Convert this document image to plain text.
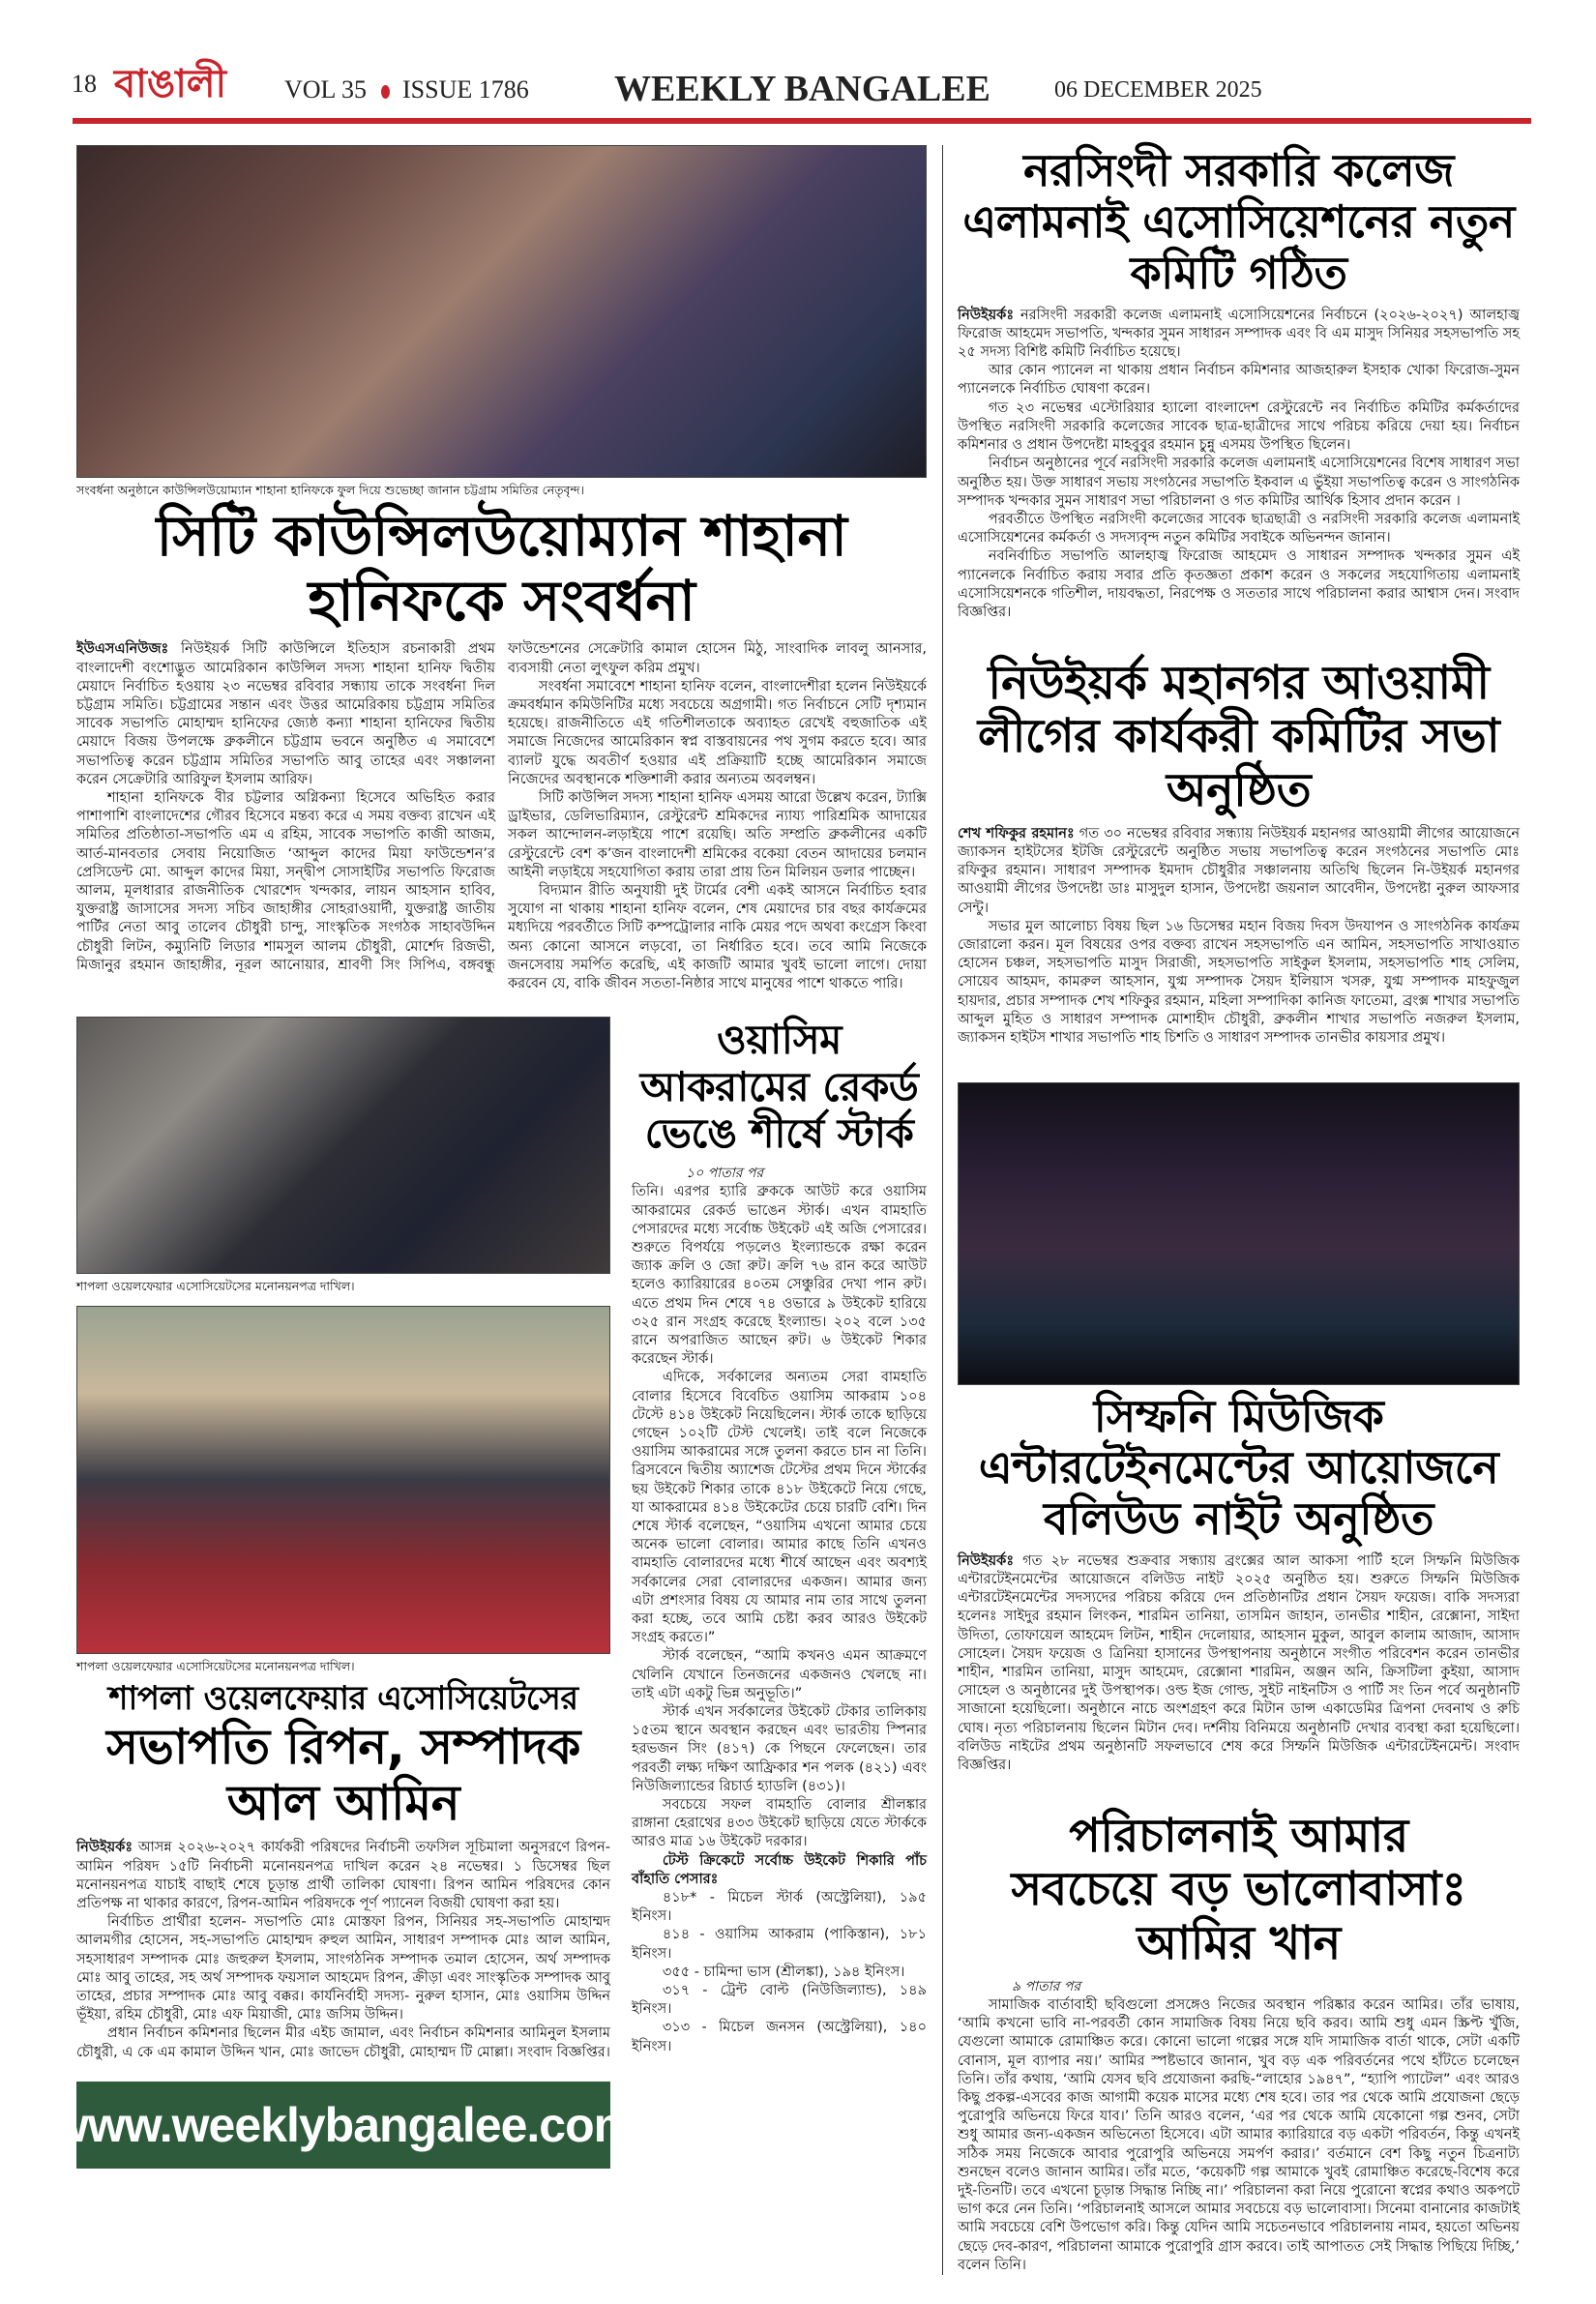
18 বাঙালী VOL 35 ISSUE 1786 WEEKLY BANGALEE	06 DECEMBER 2025
সংবর্ধনা অনুষ্ঠানে কাউন্সিলউয়োম্যান শাহানা হানিফকে ফুল দিয়ে শুভেচ্ছা জানান চট্টগ্রাম সমিতির নেতৃবৃন্দ।
সিটি কাউন্সিলউয়োম্যান শাহানা হানিফকে সংবর্ধনা

ইউএসএনিউজঃ নিউইয়র্ক সিটি কাউন্সিলে ইতিহাস রচনাকারী প্রথম বাংলাদেশী বংশোদ্ভুত আমেরিকান কাউন্সিল সদস্য শাহানা হানিফ দ্বিতীয় মেয়াদে নির্বাচিত হওয়ায় ২৩ নভেম্বর রবিবার সন্ধ্যায় তাকে সংবর্ধনা দিল চট্টগ্রাম সমিতি। চট্টগ্রামের সন্তান এবং উত্তর আমেরিকায় চট্টগ্রাম সমিতির সাবেক সভাপতি মোহাম্মদ হানিফের জ্যেষ্ঠ কন্যা শাহানা হানিফের দ্বিতীয় মেয়াদে বিজয় উপলক্ষে ব্রুকলীনে চট্টগ্রাম ভবনে অনুষ্ঠিত এ সমাবেশে সভাপতিত্ব করেন চট্টগ্রাম সমিতির সভাপতি আবু তাহের এবং সঞ্চালনা করেন সেক্রেটারি আরিফুল ইসলাম আরিফ।

শাহানা হানিফকে বীর চট্টলার অগ্নিকন্যা হিসেবে অভিহিত করার পাশাপাশি বাংলাদেশের গৌরব হিসেবে মন্তব্য করে এ সময় বক্তব্য রাখেন এই সমিতির প্রতিষ্ঠাতা-সভাপতি এম এ রহিম, সাবেক সভাপতি কাজী আজম, আর্ত-মানবতার সেবায় নিয়োজিত ‘আব্দুল কাদের মিয়া ফাউন্ডেশন’র প্রেসিডেন্ট মো. আব্দুল কাদের মিয়া, সন্দ্বীপ সোসাইটির সভাপতি ফিরোজ আলম, মূলধারার রাজনীতিক খোরশেদ খন্দকার, লায়ন আহসান হাবিব, যুক্তরাষ্ট্র জাসাসের সদস্য সচিব জাহাঙ্গীর সোহরাওয়ার্দী, যুক্তরাষ্ট্র জাতীয় পার্টির নেতা আবু তালেব চৌধুরী চান্দু, সাংস্কৃতিক সংগঠক সাহাবউদ্দিন চৌধুরী লিটন, কম্যুনিটি লিডার শামসুল আলম চৌধুরী, মোর্শেদ রিজভী, মিজানুর রহমান জাহাঙ্গীর, নূরল আনোয়ার, শ্রাবণী সিং সিপিএ, বঙ্গবন্ধু ফাউন্ডেশনের সেক্রেটারি কামাল হোসেন মিঠু, সাংবাদিক লাবলু আনসার, ব্যবসায়ী নেতা লুৎফুল করিম প্রমুখ।

সংবর্ধনা সমাবেশে শাহানা হানিফ বলেন, বাংলাদেশীরা হলেন নিউইয়র্কে ক্রমবর্ধমান কমিউনিটির মধ্যে সবচেয়ে অগ্রগামী। গত নির্বাচনে সেটি দৃশ্যমান হয়েছে। রাজনীতিতে এই গতিশীলতাকে অব্যাহত রেখেই বহুজাতিক এই সমাজে নিজেদের আমেরিকান স্বপ্ন বাস্তবায়নের পথ সুগম করতে হবে। আর ব্যালট যুদ্ধে অবতীর্ণ হওয়ার এই প্রক্রিয়াটি হচ্ছে আমেরিকান সমাজে নিজেদের অবস্থানকে শক্তিশালী করার অন্যতম অবলম্বন।

সিটি কাউন্সিল সদস্য শাহানা হানিফ এসময় আরো উল্লেখ করেন, ট্যাক্সি ড্রাইভার, ডেলিভারিম্যান, রেস্টুরেন্ট শ্রমিকদের ন্যায্য পারিশ্রমিক আদায়ের সকল আন্দোলন-লড়াইয়ে পাশে রয়েছি। অতি সম্প্রতি ব্রুকলীনের একটি রেস্টুরেন্টে বেশ ক’জন বাংলাদেশী শ্রমিকের বকেয়া বেতন আদায়ের চলমান আইনী লড়াইয়ে সহযোগিতা করায় তারা প্রায় তিন মিলিয়ন ডলার পাচ্ছেন।

বিদ্যমান রীতি অনুযায়ী দুই টার্মের বেশী একই আসনে নির্বাচিত হবার সুযোগ না থাকায় শাহানা হানিফ বলেন, শেষ মেয়াদের চার বছর কার্যক্রমের মধ্যদিয়ে পরবর্তীতে সিটি কম্পট্রোলার নাকি মেয়র পদে অথবা কংগ্রেস কিংবা অন্য কোনো আসনে লড়বো, তা নির্ধারিত হবে। তবে আমি নিজেকে জনসেবায় সমর্পিত করেছি, এই কাজটি আমার খুবই ভালো লাগে। দোয়া করবেন যে, বাকি জীবন সততা-নিষ্ঠার সাথে মানুষের পাশে থাকতে পারি।

শাপলা ওয়েলফেয়ার এসোসিয়েটসের মনোনয়নপত্র দাখিল।
শাপলা ওয়েলফেয়ার এসোসিয়েটসের মনোনয়নপত্র দাখিল।
শাপলা ওয়েলফেয়ার এসোসিয়েটসের
সভাপতি রিপন, সম্পাদক আল আমিন

নিউইয়র্কঃ আসন্ন ২০২৬-২০২৭ কার্যকরী পরিষদের নির্বাচনী তফসিল সূচিমালা অনুসরণে রিপন-আমিন পরিষদ ১৫টি নির্বাচনী মনোনয়নপত্র দাখিল করেন ২৪ নভেম্বর। ১ ডিসেম্বর ছিল মনোনয়নপত্র যাচাই বাছাই শেষে চূড়ান্ত প্রার্থী তালিকা ঘোষণা। রিপন আমিন পরিষদের কোন প্রতিপক্ষ না থাকার কারণে, রিপন-আমিন পরিষদকে পূর্ণ প্যানেল বিজয়ী ঘোষণা করা হয়।

নির্বাচিত প্রার্থীরা হলেন- সভাপতি মোঃ মোস্তফা রিপন, সিনিয়র সহ-সভাপতি মোহাম্মদ আলমগীর হোসেন, সহ-সভাপতি মোহাম্মদ রুহুল আমিন, সাধারণ সম্পাদক মোঃ আল আমিন, সহসাধারণ সম্পাদক মোঃ জহুরুল ইসলাম, সাংগঠনিক সম্পাদক তমাল হোসেন, অর্থ সম্পাদক মোঃ আবু তাহের, সহ অর্থ সম্পাদক ফয়সাল আহমেদ রিপন, ক্রীড়া এবং সাংস্কৃতিক সম্পাদক আবু তাহের, প্রচার সম্পাদক মোঃ আবু বক্কর। কার্যনির্বাহী সদস্য- নুরুল হাসান, মোঃ ওয়াসিম উদ্দিন ভূঁইয়া, রহিম চৌধুরী, মোঃ এফ মিয়াজী, মোঃ জসিম উদ্দিন।

প্রধান নির্বাচন কমিশনার ছিলেন মীর এইচ জামাল, এবং নির্বাচন কমিশনার আমিনুল ইসলাম চৌধুরী, এ কে এম কামাল উদ্দিন খান, মোঃ জাভেদ চৌধুরী, মোহাম্মদ টি মোল্লা। সংবাদ বিজ্ঞপ্তির।

www.weeklybangalee.com
ওয়াসিম আকরামের রেকর্ড ভেঙে শীর্ষে স্টার্ক
১০ পাতার পর

তিনি। এরপর হ্যারি ব্রুককে আউট করে ওয়াসিম আকরামের রেকর্ড ভাঙেন স্টার্ক। এখন বামহাতি পেসারদের মধ্যে সর্বোচ্চ উইকেট এই অজি পেসারের। শুরুতে বিপর্যয়ে পড়লেও ইংল্যান্ডকে রক্ষা করেন জ্যাক ক্রলি ও জো রুট। ক্রলি ৭৬ রান করে আউট হলেও ক্যারিয়ারের ৪০তম সেঞ্চুরির দেখা পান রুট। এতে প্রথম দিন শেষে ৭৪ ওভারে ৯ উইকেট হারিয়ে ৩২৫ রান সংগ্রহ করেছে ইংল্যান্ড। ২০২ বলে ১৩৫ রানে অপরাজিত আছেন রুট। ৬ উইকেট শিকার করেছেন স্টার্ক।

এদিকে, সর্বকালের অন্যতম সেরা বামহাতি বোলার হিসেবে বিবেচিত ওয়াসিম আকরাম ১০৪ টেস্টে ৪১৪ উইকেট নিয়েছিলেন। স্টার্ক তাকে ছাড়িয়ে গেছেন ১০২টি টেস্ট খেলেই। তাই বলে নিজেকে ওয়াসিম আকরামের সঙ্গে তুলনা করতে চান না তিনি। ব্রিসবেনে দ্বিতীয় অ্যাশেজ টেস্টের প্রথম দিনে স্টার্কের ছয় উইকেট শিকার তাকে ৪১৮ উইকেটে নিয়ে গেছে, যা আকরামের ৪১৪ উইকেটের চেয়ে চারটি বেশি। দিন শেষে স্টার্ক বলেছেন, “ওয়াসিম এখনো আমার চেয়ে অনেক ভালো বোলার। আমার কাছে তিনি এখনও বামহাতি বোলারদের মধ্যে শীর্ষে আছেন এবং অবশ্যই সর্বকালের সেরা বোলারদের একজন। আমার জন্য এটা প্রশংসার বিষয় যে আমার নাম তার সাথে তুলনা করা হচ্ছে, তবে আমি চেষ্টা করব আরও উইকেট সংগ্রহ করতে।”

স্টার্ক বলেছেন, “আমি কখনও এমন আক্রমণে খেলিনি যেখানে তিনজনের একজনও খেলছে না। তাই এটা একটু ভিন্ন অনুভূতি।”

স্টার্ক এখন সর্বকালের উইকেট টেকার তালিকায় ১৫তম স্থানে অবস্থান করছেন এবং ভারতীয় স্পিনার হরভজন সিং (৪১৭) কে পিছনে ফেলেছেন। তার পরবর্তী লক্ষ্য দক্ষিণ আফ্রিকার শন পলক (৪২১) এবং নিউজিল্যান্ডের রিচার্ড হ্যাডলি (৪৩১)।

সবচেয়ে সফল বামহাতি বোলার শ্রীলঙ্কার রাঙ্গানা হেরাথের ৪৩৩ উইকেট ছাড়িয়ে যেতে স্টার্ককে আরও মাত্র ১৬ উইকেট দরকার।

টেস্ট ক্রিকেটে সর্বোচ্চ উইকেট শিকারি পাঁচ বাঁহাতি পেসারঃ

৪১৮* - মিচেল স্টার্ক (অস্ট্রেলিয়া), ১৯৫ ইনিংস।

৪১৪ - ওয়াসিম আকরাম (পাকিস্তান), ১৮১ ইনিংস।

৩৫৫ - চামিন্দা ভাস (শ্রীলঙ্কা), ১৯৪ ইনিংস।

৩১৭ - ট্রেন্ট বোল্ট (নিউজিল্যান্ড), ১৪৯ ইনিংস।

৩১৩ - মিচেল জনসন (অস্ট্রেলিয়া), ১৪০ ইনিংস।

নরসিংদী সরকারি কলেজ এলামনাই এসোসিয়েশনের নতুন কমিটি গঠিত

নিউইয়র্কঃ নরসিংদী সরকারী কলেজ এলামনাই এসোসিয়েশনের নির্বাচনে (২০২৬-২০২৭) আলহাজ্ব ফিরোজ আহমেদ সভাপতি, খন্দকার সুমন সাধারন সম্পাদক এবং বি এম মাসুদ সিনিয়র সহসভাপতি সহ ২৫ সদস্য বিশিষ্ট কমিটি নির্বাচিত হয়েছে।

আর কোন প্যানেল না থাকায় প্রধান নির্বাচন কমিশনার আজহারুল ইসহাক খোকা ফিরোজ-সুমন প্যানেলকে নির্বাচিত ঘোষণা করেন।

গত ২৩ নভেম্বর এস্টোরিয়ার হ্যালো বাংলাদেশ রেস্টুরেন্টে নব নির্বাচিত কমিটির কর্মকর্তাদের উপস্থিত নরসিংদী সরকারি কলেজের সাবেক ছাত্র-ছাত্রীদের সাথে পরিচয় করিয়ে দেয়া হয়। নির্বাচন কমিশনার ও প্রধান উপদেষ্টা মাহবুবুর রহমান চুন্নু এসময় উপস্থিত ছিলেন।

নির্বাচন অনুষ্ঠানের পূর্বে নরসিংদী সরকারি কলেজ এলামনাই এসোসিয়েশনের বিশেষ সাধারণ সভা অনুষ্ঠিত হয়। উক্ত সাধারণ সভায় সংগঠনের সভাপতি ইকবাল এ ভুঁইয়া সভাপতিত্ব করেন ও সাংগঠনিক সম্পাদক খন্দকার সুমন সাধারণ সভা পরিচালনা ও গত কমিটির আর্থিক হিসাব প্রদান করেন ।

পরবর্তীতে উপস্থিত নরসিংদী কলেজের সাবেক ছাত্রছাত্রী ও নরসিংদী সরকারি কলেজ এলামনাই এসোসিয়েশনের কর্মকর্তা ও সদস্যবৃন্দ নতুন কমিটির সবাইকে অভিনন্দন জানান।

নবনির্বাচিত সভাপতি আলহাজ্ব ফিরোজ আহমেদ ও সাধারন সম্পাদক খন্দকার সুমন এই প্যানেলকে নির্বাচিত করায় সবার প্রতি কৃতজ্ঞতা প্রকাশ করেন ও সকলের সহযোগিতায় এলামনাই এসোসিয়েশনকে গতিশীল, দায়বদ্ধতা, নিরপেক্ষ ও সততার সাথে পরিচালনা করার আশ্বাস দেন। সংবাদ বিজ্ঞপ্তির।

নিউইয়র্ক মহানগর আওয়ামী লীগের কার্যকরী কমিটির সভা অনুষ্ঠিত

শেখ শফিকুর রহমানঃ গত ৩০ নভেম্বর রবিবার সন্ধ্যায় নিউইয়র্ক মহানগর আওয়ামী লীগের আয়োজনে জ্যাকসন হাইটসের ইটজি রেস্টুরেন্টে অনুষ্ঠিত সভায় সভাপতিত্ব করেন সংগঠনের সভাপতি মোঃ রফিকুর রহমান। সাধারণ সম্পাদক ইমদাদ চৌধুরীর সঞ্চালনায় অতিথি ছিলেন নি-উইয়র্ক মহানগর আওয়ামী লীগের উপদেষ্টা ডাঃ মাসুদুল হাসান, উপদেষ্টা জয়নাল আবেদীন, উপদেষ্টা নুরুল আফসার সেন্টু।

সভার মুল আলোচ্য বিষয় ছিল ১৬ ডিসেম্বর মহান বিজয় দিবস উদযাপন ও সাংগঠনিক কার্যক্রম জোরালো করন। মূল বিষয়ের ওপর বক্তব্য রাখেন সহসভাপতি এন আমিন, সহসভাপতি সাখাওয়াত হোসেন চঞ্চল, সহসভাপতি মাসুদ সিরাজী, সহসভাপতি সাইকুল ইসলাম, সহসভাপতি শাহ সেলিম, সোয়েব আহমদ, কামরুল আহসান, যুগ্ম সম্পাদক সৈয়দ ইলিয়াস খসরু, যুগ্ম সম্পাদক মাহফুজুল হায়দার, প্রচার সম্পাদক শেখ শফিকুর রহমান, মহিলা সম্পাদিকা কানিজ ফাতেমা, ব্রংক্স শাখার সভাপতি আব্দুল মুহিত ও সাধারণ সম্পাদক মোশাহীদ চৌধুরী, ব্রুকলীন শাখার সভাপতি নজরুল ইসলাম, জ্যাকসন হাইটস শাখার সভাপতি শাহ চিশতি ও সাধারণ সম্পাদক তানভীর কায়সার প্রমুখ।

সিম্ফনি মিউজিক এন্টারটেইনমেন্টের আয়োজনে বলিউড নাইট অনুষ্ঠিত

নিউইয়র্কঃ গত ২৮ নভেম্বর শুক্রবার সন্ধ্যায় ব্রংক্সের আল আকসা পার্টি হলে সিম্ফনি মিউজিক এন্টারটেইনমেন্টের আয়োজনে বলিউড নাইট ২০২৫ অনুষ্ঠিত হয়। শুরুতে সিম্ফনি মিউজিক এন্টারটেইনমেন্টের সদস্যদের পরিচয় করিয়ে দেন প্রতিষ্ঠানটির প্রধান সৈয়দ ফয়েজ। বাকি সদস্যরা হলেনঃ সাইদুর রহমান লিংকন, শারমিন তানিয়া, তাসমিন জাহান, তানভীর শাহীন, রেক্সোনা, সাইদা উদিতা, তোফায়েল আহমেদ লিটন, শাহীন দেলোয়ার, আহসান মুকুল, আবুল কালাম আজাদ, আসাদ সোহেল। সৈয়দ ফয়েজ ও ত্রিনিয়া হাসানের উপস্থাপনায় অনুষ্ঠানে সংগীত পরিবেশন করেন তানভীর শাহীন, শারমিন তানিয়া, মাসুদ আহমেদ, রেক্সোনা শারমিন, অঞ্জন অনি, ক্রিসটিলা কুইয়া, আসাদ সোহেল ও অনুষ্ঠানের দুই উপস্থাপক। ওল্ড ইজ গোল্ড, সুইট নাইনটিস ও পার্টি সং তিন পর্বে অনুষ্ঠানটি সাজানো হয়েছিলো। অনুষ্ঠানে নাচে অংশগ্রহণ করে মিটান ডান্স একাডেমির ত্রিপনা দেবনাথ ও রুচি ঘোষ। নৃত্য পরিচালনায় ছিলেন মিটান দেব। দর্শনীয় বিনিময়ে অনুষ্ঠানটি দেখার ব্যবস্থা করা হয়েছিলো। বলিউড নাইটের প্রথম অনুষ্ঠানটি সফলভাবে শেষ করে সিম্ফনি মিউজিক এন্টারটেইনমেন্ট। সংবাদ বিজ্ঞপ্তির।

পরিচালনাই আমার সবচেয়ে বড় ভালোবাসাঃ আমির খান
৯ পাতার পর

সামাজিক বার্তাবাহী ছবিগুলো প্রসঙ্গেও নিজের অবস্থান পরিষ্কার করেন আমির। তাঁর ভাষায়, ‘আমি কখনো ভাবি না-পরবর্তী কোন সামাজিক বিষয় নিয়ে ছবি করব। আমি শুধু এমন স্ক্রিপ্ট খুঁজি, যেগুলো আমাকে রোমাঞ্চিত করে। কোনো ভালো গল্পের সঙ্গে যদি সামাজিক বার্তা থাকে, সেটা একটি বোনাস, মূল ব্যাপার নয়।’ আমির স্পষ্টভাবে জানান, খুব বড় এক পরিবর্তনের পথে হাঁটতে চলেছেন তিনি। তাঁর কথায়, ‘আমি যেসব ছবি প্রযোজনা করছি-“লাহোর ১৯৪৭”, “হ্যাপি প্যাটেল” এবং আরও কিছু প্রকল্প-এসবের কাজ আগামী কয়েক মাসের মধ্যে শেষ হবে। তার পর থেকে আমি প্রযোজনা ছেড়ে পুরোপুরি অভিনয়ে ফিরে যাব।’ তিনি আরও বলেন, ‘এর পর থেকে আমি যেকোনো গল্প শুনব, সেটা শুধু আমার জন্য-একজন অভিনেতা হিসেবে। এটা আমার ক্যারিয়ারে বড় একটা পরিবর্তন, কিন্তু এখনই সঠিক সময় নিজেকে আবার পুরোপুরি অভিনয়ে সমর্পণ করার।’ বর্তমানে বেশ কিছু নতুন চিত্রনাট্য শুনছেন বলেও জানান আমির। তাঁর মতে, ‘কয়েকটি গল্প আমাকে খুবই রোমাঞ্চিত করেছে-বিশেষ করে দুই-তিনটি। তবে এখনো চূড়ান্ত সিদ্ধান্ত নিচ্ছি না।’ পরিচালনা করা নিয়ে পুরোনো স্বপ্নের কথাও অকপটে ভাগ করে নেন তিনি। ‘পরিচালনাই আসলে আমার সবচেয়ে বড় ভালোবাসা। সিনেমা বানানোর কাজটাই আমি সবচেয়ে বেশি উপভোগ করি। কিন্তু যেদিন আমি সচেতনভাবে পরিচালনায় নামব, হয়তো অভিনয় ছেড়ে দেব-কারণ, পরিচালনা আমাকে পুরোপুরি গ্রাস করবে। তাই আপাতত সেই সিদ্ধান্ত পিছিয়ে দিচ্ছি,’ বলেন তিনি।
